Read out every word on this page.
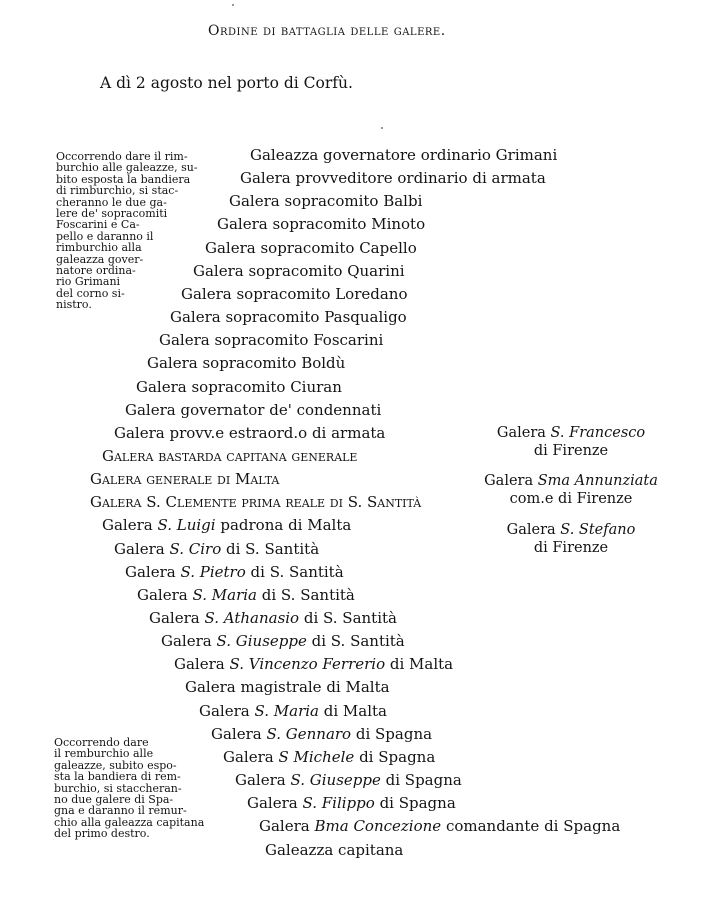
Ordine di battaglia delle galere.
A dì 2 agosto nel porto di Corfù.
Occorrendo dare il rim-
burchio alle galeazze, su-
bito esposta la bandiera
di rimburchio, si stac-
cheranno le due ga-
lere de' sopracomiti
Foscarini e Ca-
pello e daranno il
rimburchio alla
galeazza gover-
natore ordina-
rio Grimani
del corno si-
nistro.
Occorrendo dare
il remburchio alle
galeazze, subito espo-
sta la bandiera di rem-
burchio, si staccheran-
no due galere di Spa-
gna e daranno il remur-
chio alla galeazza capitana
del primo destro.
Galeazza governatore ordinario Grimani
Galera provveditore ordinario di armata
Galera sopracomito Balbi
Galera sopracomito Minoto
Galera sopracomito Capello
Galera sopracomito Quarini
Galera sopracomito Loredano
Galera sopracomito Pasqualigo
Galera sopracomito Foscarini
Galera sopracomito Boldù
Galera sopracomito Ciuran
Galera governator de' condennati
Galera provv.e estraord.o di armata
Galera bastarda capitana generale
Galera generale di Malta
Galera S. Clemente prima reale di S. Santità
Galera S. Luigi padrona di Malta
Galera S. Ciro di S. Santità
Galera S. Pietro di S. Santità
Galera S. Maria di S. Santità
Galera S. Athanasio di S. Santità
Galera S. Giuseppe di S. Santità
Galera S. Vincenzo Ferrerio di Malta
Galera magistrale di Malta
Galera S. Maria di Malta
Galera S. Gennaro di Spagna
Galera S Michele di Spagna
Galera S. Giuseppe di Spagna
Galera S. Filippo di Spagna
Galera Bma Concezione comandante di Spagna
Galeazza capitana
Galera S. Francesco
di Firenze
Galera Sma Annunziata
com.e di Firenze
Galera S. Stefano
di Firenze
